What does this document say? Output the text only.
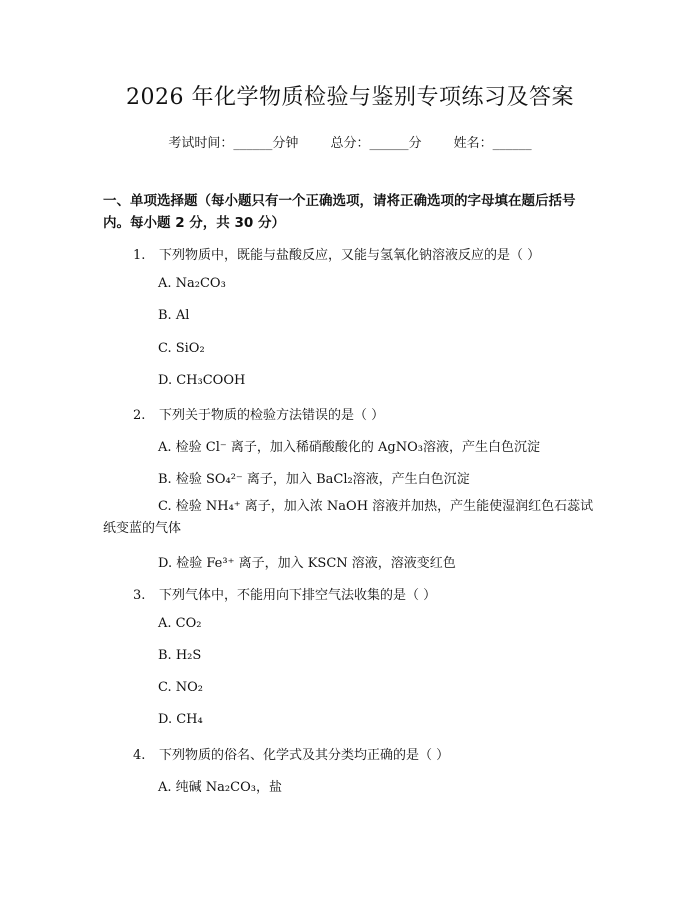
2026 年化学物质检验与鉴别专项练习及答案
考试时间：______分钟 总分：______分 姓名：______
一、单项选择题（每小题只有一个正确选项，请将正确选项的字母填在题后括号内。每小题 2 分，共 30 分）
1. 下列物质中，既能与盐酸反应，又能与氢氧化钠溶液反应的是（ ）
A. Na₂CO₃
B. Al
C. SiO₂
D. CH₃COOH
2. 下列关于物质的检验方法错误的是（ ）
A. 检验 Cl⁻ 离子，加入稀硝酸酸化的 AgNO₃溶液，产生白色沉淀
B. 检验 SO₄²⁻ 离子，加入 BaCl₂溶液，产生白色沉淀
C. 检验 NH₄⁺ 离子，加入浓 NaOH 溶液并加热，产生能使湿润红色石蕊试纸变蓝的气体
D. 检验 Fe³⁺ 离子，加入 KSCN 溶液，溶液变红色
3. 下列气体中，不能用向下排空气法收集的是（ ）
A. CO₂
B. H₂S
C. NO₂
D. CH₄
4. 下列物质的俗名、化学式及其分类均正确的是（ ）
A. 纯碱 Na₂CO₃，盐
